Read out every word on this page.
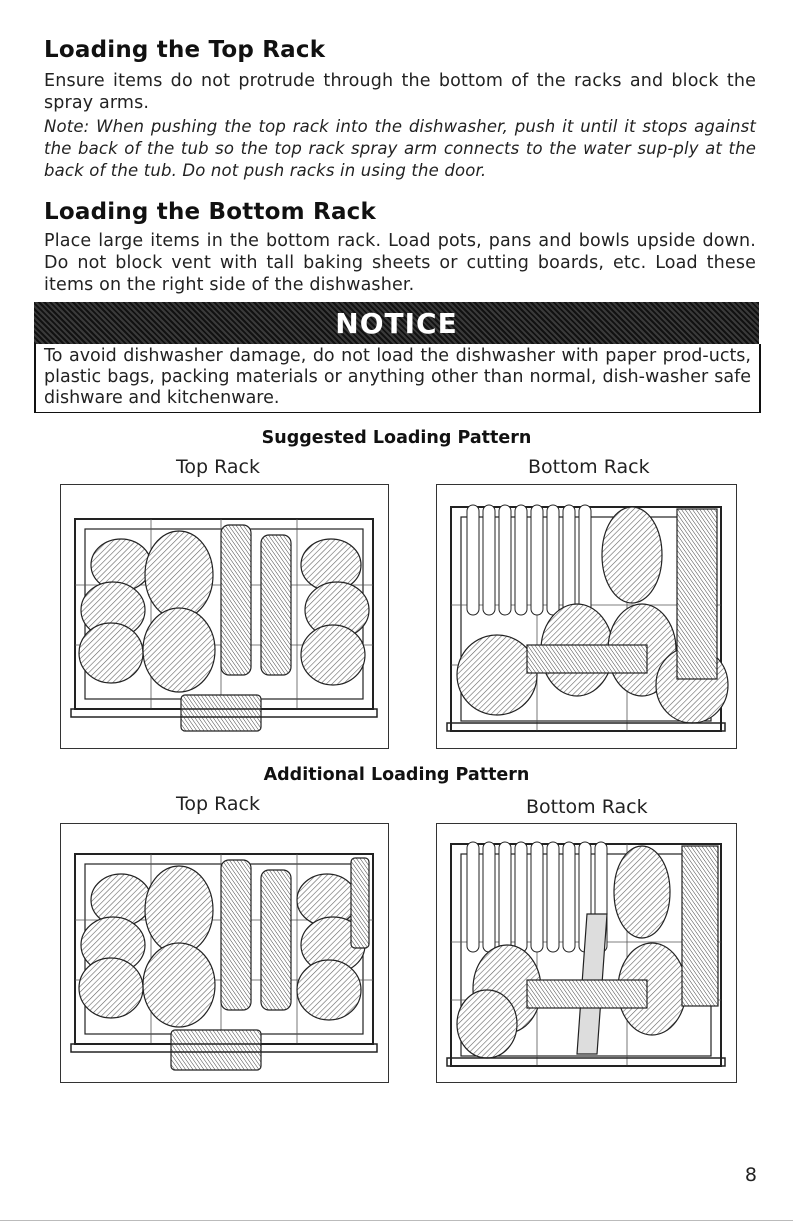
Loading the Top Rack

Ensure items do not protrude through the bottom of the racks and block the spray arms.

Note: When pushing the top rack into the dishwasher, push it until it stops against the back of the tub so the top rack spray arm connects to the water sup-ply at the back of the tub. Do not push racks in using the door.

Loading the Bottom Rack

Place large items in the bottom rack. Load pots, pans and bowls upside down. Do not block vent with tall baking sheets or cutting boards, etc. Load these items on the right side of the dishwasher.

NOTICE
To avoid dishwasher damage, do not load the dishwasher with paper prod-ucts, plastic bags, packing materials or anything other than normal, dish-washer safe dishware and kitchenware.

Suggested Loading Pattern

Top Rack	Bottom Rack

Additional Loading Pattern

Top Rack	Bottom Rack

8
